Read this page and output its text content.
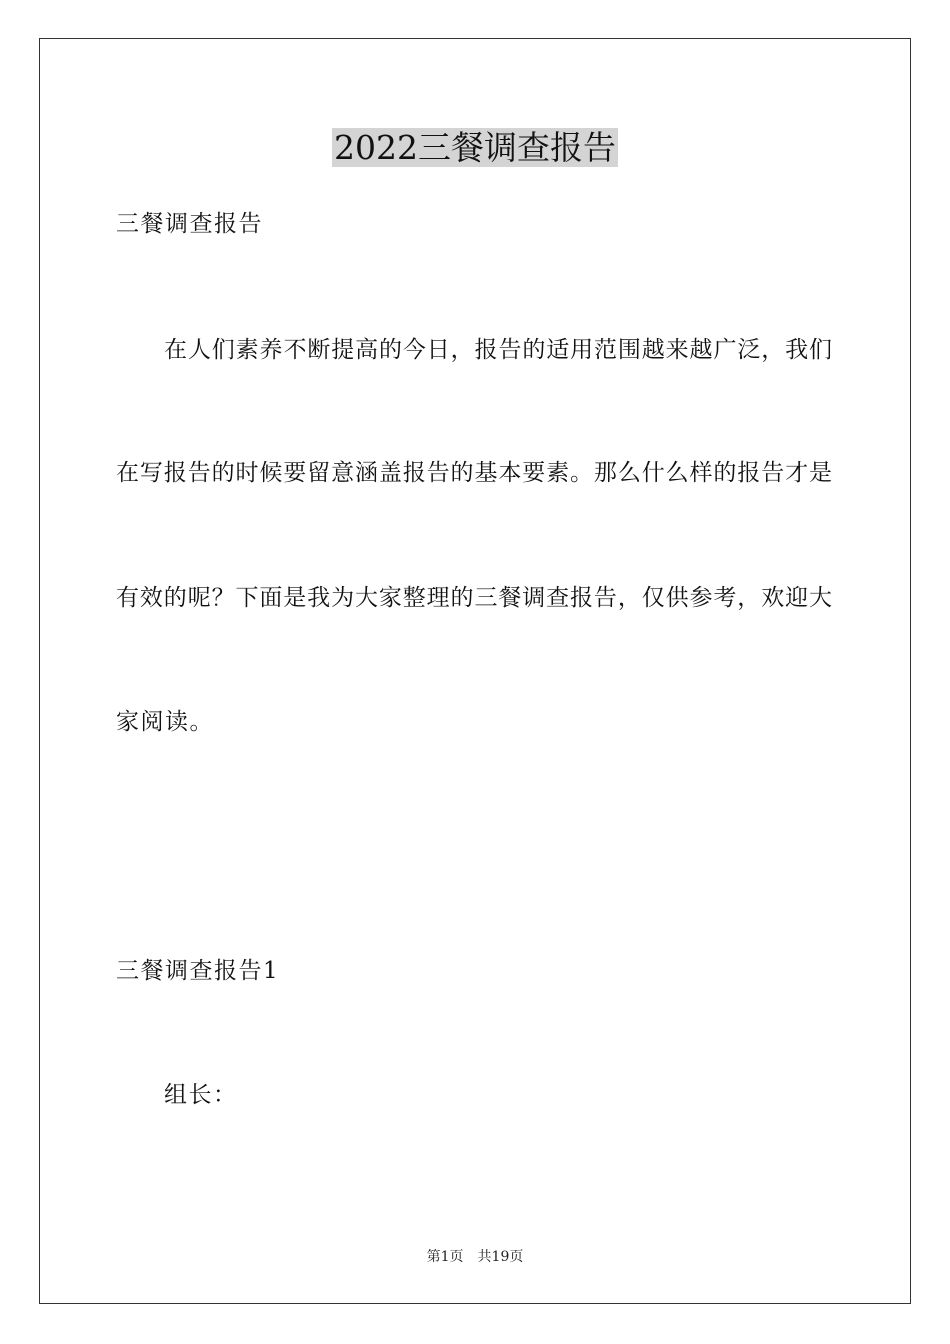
2022三餐调查报告
三餐调查报告
在人们素养不断提高的今日，报告的适用范围越来越广泛，我们
在写报告的时候要留意涵盖报告的基本要素。那么什么样的报告才是
有效的呢？下面是我为大家整理的三餐调查报告，仅供参考，欢迎大
家阅读。
三餐调查报告1
组长：
第1页 共19页
